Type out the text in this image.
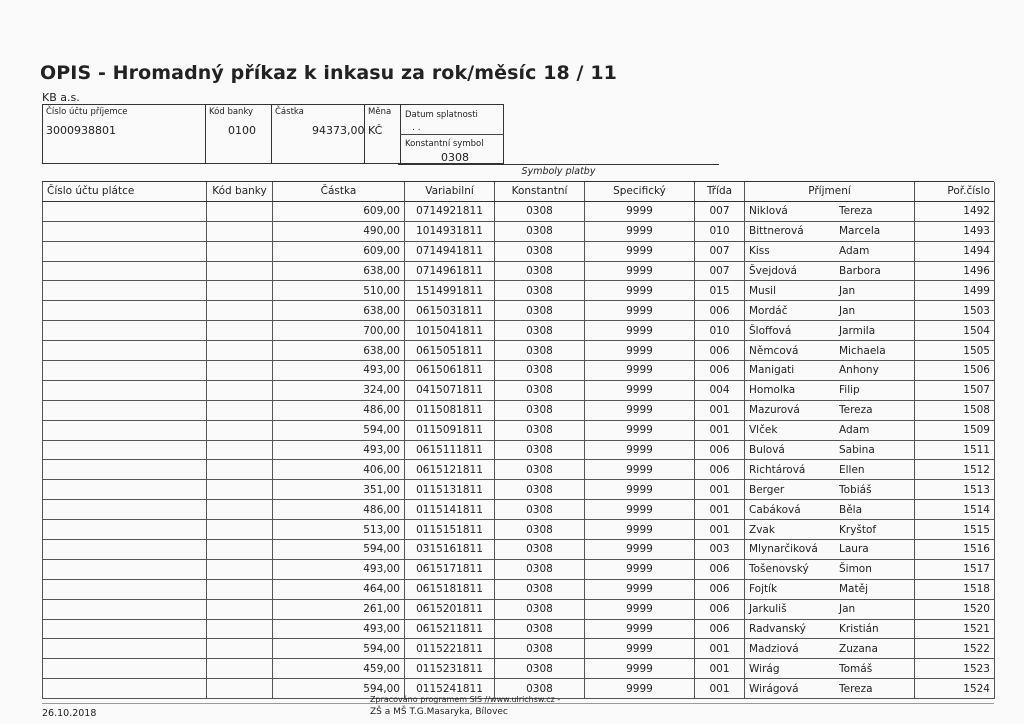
OPIS - Hromadný příkaz k inkasu za rok/měsíc 18 / 11
KB a.s.
Číslo účtu příjemce
3000938801
Kód banky
0100
Částka
94373,00
Měna
KČ
Datum splatnosti
. .
Konstantní symbol
0308
Symboly platby
Číslo účtu plátce	Kód banky	Částka	Variabilní	Konstantní	Specifický	Třída	Příjmení	Poř.číslo
		609,00	0714921811	0308	9999	007	Niklová Tereza	1492
		490,00	1014931811	0308	9999	010	Bittnerová Marcela	1493
		609,00	0714941811	0308	9999	007	Kiss Adam	1494
		638,00	0714961811	0308	9999	007	Švejdová Barbora	1496
		510,00	1514991811	0308	9999	015	Musil Jan	1499
		638,00	0615031811	0308	9999	006	Mordáč Jan	1503
		700,00	1015041811	0308	9999	010	Šloffová Jarmila	1504
		638,00	0615051811	0308	9999	006	Němcová Michaela	1505
		493,00	0615061811	0308	9999	006	Manigati Anhony	1506
		324,00	0415071811	0308	9999	004	Homolka Filip	1507
		486,00	0115081811	0308	9999	001	Mazurová Tereza	1508
		594,00	0115091811	0308	9999	001	Vlček Adam	1509
		493,00	0615111811	0308	9999	006	Bulová Sabina	1511
		406,00	0615121811	0308	9999	006	Richtárová Ellen	1512
		351,00	0115131811	0308	9999	001	Berger Tobiáš	1513
		486,00	0115141811	0308	9999	001	Cabáková Běla	1514
		513,00	0115151811	0308	9999	001	Zvak Kryštof	1515
		594,00	0315161811	0308	9999	003	Mlynarčiková Laura	1516
		493,00	0615171811	0308	9999	006	Tošenovský Šimon	1517
		464,00	0615181811	0308	9999	006	Fojtík Matěj	1518
		261,00	0615201811	0308	9999	006	Jarkuliš Jan	1520
		493,00	0615211811	0308	9999	006	Radvanský Kristián	1521
		594,00	0115221811	0308	9999	001	Madziová Zuzana	1522
		459,00	0115231811	0308	9999	001	Wirág Tomáš	1523
		594,00	0115241811	0308	9999	001	Wirágová Tereza	1524
Zpracováno programem SIS //www.ulrichsw.cz -
ZŠ a MŠ T.G.Masaryka, Bílovec
26.10.2018
